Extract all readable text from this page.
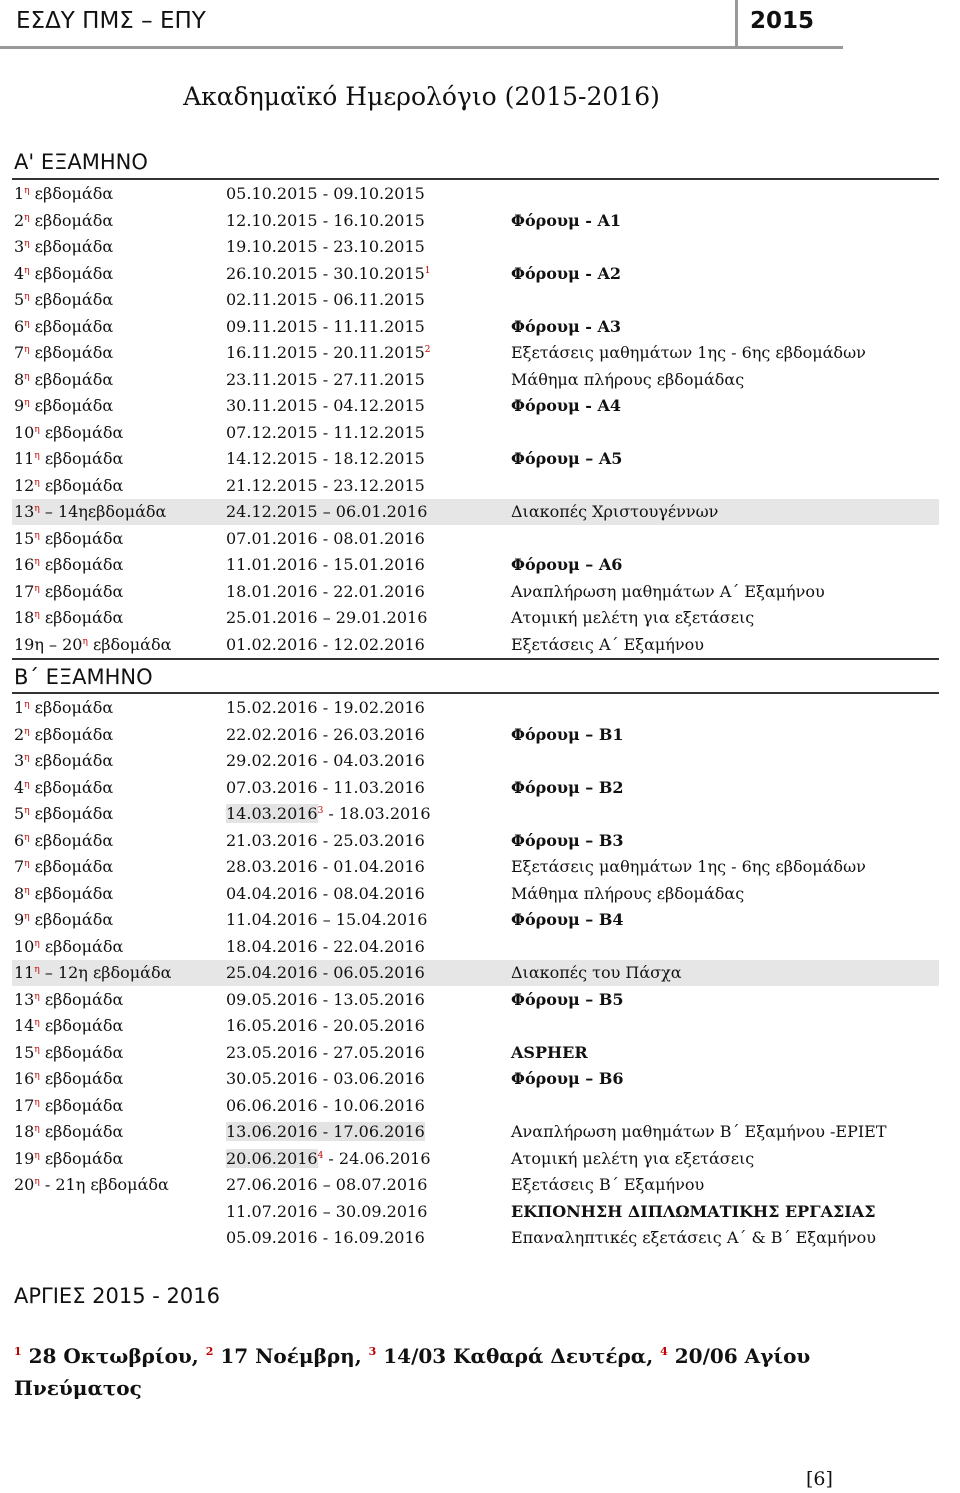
ΕΣΔΥ ΠΜΣ – ΕΠΥ	2015
Ακαδημαϊκό Ημερολόγιο (2015-2016)
Α' ΕΞΑΜΗΝΟ
$1^\eta$ εβδομάδα	05.10.2015 - 09.10.2015
$2^\eta$ εβδομάδα	12.10.2015 - 16.10.2015	Φόρουμ - Α1
$3^\eta$ εβδομάδα	19.10.2015 - 23.10.2015
$4^\eta$ εβδομάδα	26.10.2015 - 30.10.2015$^1$	Φόρουμ - Α2
$5^\eta$ εβδομάδα	02.11.2015 - 06.11.2015
$6^\eta$ εβδομάδα	09.11.2015 - 11.11.2015	Φόρουμ - Α3
$7^\eta$ εβδομάδα	16.11.2015 - 20.11.2015$^2$	Εξετάσεις μαθημάτων 1ης - 6ης εβδομάδων
$8^\eta$ εβδομάδα	23.11.2015 - 27.11.2015	Μάθημα πλήρους εβδομάδας
$9^\eta$ εβδομάδα	30.11.2015 - 04.12.2015	Φόρουμ - Α4
$10^\eta$ εβδομάδα	07.12.2015 - 11.12.2015
$11^\eta$ εβδομάδα	14.12.2015 - 18.12.2015	Φόρουμ – Α5
$12^\eta$ εβδομάδα	21.12.2015 - 23.12.2015
$13^\eta - 14\eta\varepsilon\beta\delta o\mu ά\delta\alpha$	24.12.2015 – 06.01.2016	Διακοπές Χριστουγέννων
$15^\eta$ εβδομάδα	07.01.2016 - 08.01.2016
$16^\eta$ εβδομάδα	11.01.2016 - 15.01.2016	Φόρουμ – Α6
$17^\eta$ εβδομάδα	18.01.2016 - 22.01.2016	Αναπλήρωση μαθημάτων Α΄ Εξαμήνου
$18^\eta$ εβδομάδα	25.01.2016 – 29.01.2016	Ατομική μελέτη για εξετάσεις
$19\eta - 20^\eta$ εβδομάδα	01.02.2016 - 12.02.2016	Εξετάσεις Α΄ Εξαμήνου
Β΄ ΕΞΑΜΗΝΟ
$1^\eta$ εβδομάδα	15.02.2016 - 19.02.2016
$2^\eta$ εβδομάδα	22.02.2016 - 26.03.2016	Φόρουμ – Β1
$3^\eta$ εβδομάδα	29.02.2016 - 04.03.2016
$4^\eta$ εβδομάδα	07.03.2016 - 11.03.2016	Φόρουμ – Β2
$5^\eta$ εβδομάδα	14.03.2016$^3$ - 18.03.2016
$6^\eta$ εβδομάδα	21.03.2016 - 25.03.2016	Φόρουμ – Β3
$7^\eta$ εβδομάδα	28.03.2016 - 01.04.2016	Εξετάσεις μαθημάτων 1ης - 6ης εβδομάδων
$8^\eta$ εβδομάδα	04.04.2016 - 08.04.2016	Μάθημα πλήρους εβδομάδας
$9^\eta$ εβδομάδα	11.04.2016 – 15.04.2016	Φόρουμ – Β4
$10^\eta$ εβδομάδα	18.04.2016 - 22.04.2016
$11^\eta - 12\eta$ εβδομάδα	25.04.2016 - 06.05.2016	Διακοπές του Πάσχα
$13^\eta$ εβδομάδα	09.05.2016 - 13.05.2016	Φόρουμ – Β5
$14^\eta$ εβδομάδα	16.05.2016 - 20.05.2016
$15^\eta$ εβδομάδα	23.05.2016 - 27.05.2016	ASPHER
$16^\eta$ εβδομάδα	30.05.2016 - 03.06.2016	Φόρουμ – Β6
$17^\eta$ εβδομάδα	06.06.2016 - 10.06.2016
$18^\eta$ εβδομάδα	13.06.2016 - 17.06.2016	Αναπλήρωση μαθημάτων Β΄ Εξαμήνου -EPIET
$19^\eta$ εβδομάδα	20.06.2016$^4$ - 24.06.2016	Ατομική μελέτη για εξετάσεις
$20^\eta - 21\eta$ εβδομάδα	27.06.2016 – 08.07.2016	Εξετάσεις Β΄ Εξαμήνου
11.07.2016 – 30.09.2016	ΕΚΠΟΝΗΣΗ ΔΙΠΛΩΜΑΤΙΚΗΣ ΕΡΓΑΣΙΑΣ
05.09.2016 - 16.09.2016	Επαναληπτικές εξετάσεις Α΄ & Β΄ Εξαμήνου
ΑΡΓΙΕΣ 2015 - 2016
$^1$ 28 Οκτωβρίου, $^2$ 17 Νοέμβρη, $^3$ 14/03 Καθαρά Δευτέρα, $^4$ 20/06 Αγίου Πνεύματος
[6]
